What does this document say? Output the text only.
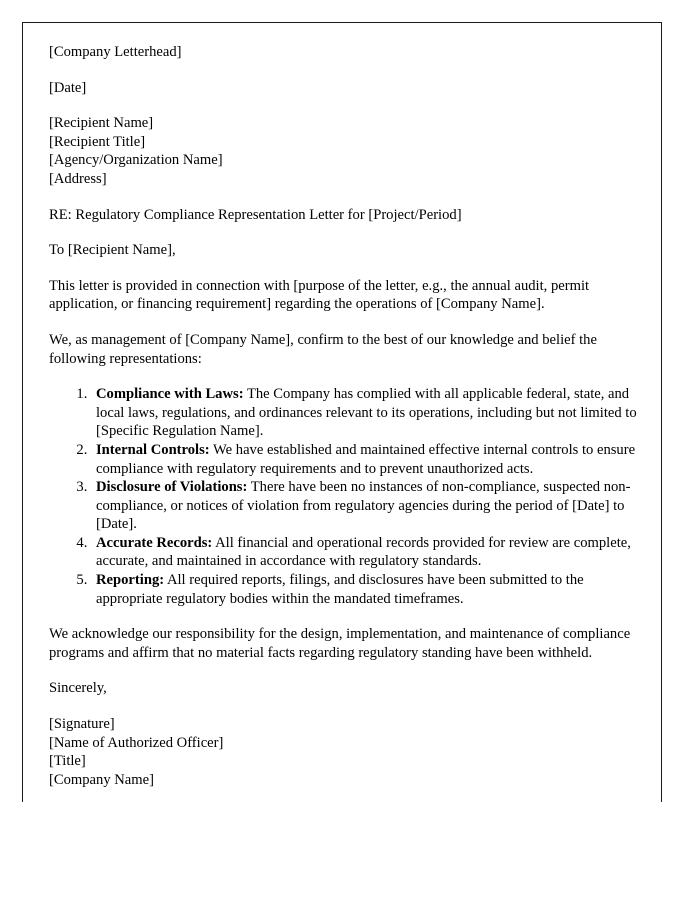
[Company Letterhead]

[Date]

[Recipient Name]
[Recipient Title]
[Agency/Organization Name]
[Address]

RE: Regulatory Compliance Representation Letter for [Project/Period]

To [Recipient Name],

This letter is provided in connection with [purpose of the letter, e.g., the annual audit, permit application, or financing requirement] regarding the operations of [Company Name].

We, as management of [Company Name], confirm to the best of our knowledge and belief the following representations:

1. Compliance with Laws: The Company has complied with all applicable federal, state, and local laws, regulations, and ordinances relevant to its operations, including but not limited to [Specific Regulation Name].
2. Internal Controls: We have established and maintained effective internal controls to ensure compliance with regulatory requirements and to prevent unauthorized acts.
3. Disclosure of Violations: There have been no instances of non-compliance, suspected non-compliance, or notices of violation from regulatory agencies during the period of [Date] to [Date].
4. Accurate Records: All financial and operational records provided for review are complete, accurate, and maintained in accordance with regulatory standards.
5. Reporting: All required reports, filings, and disclosures have been submitted to the appropriate regulatory bodies within the mandated timeframes.

We acknowledge our responsibility for the design, implementation, and maintenance of compliance programs and affirm that no material facts regarding regulatory standing have been withheld.

Sincerely,

[Signature]
[Name of Authorized Officer]
[Title]
[Company Name]
